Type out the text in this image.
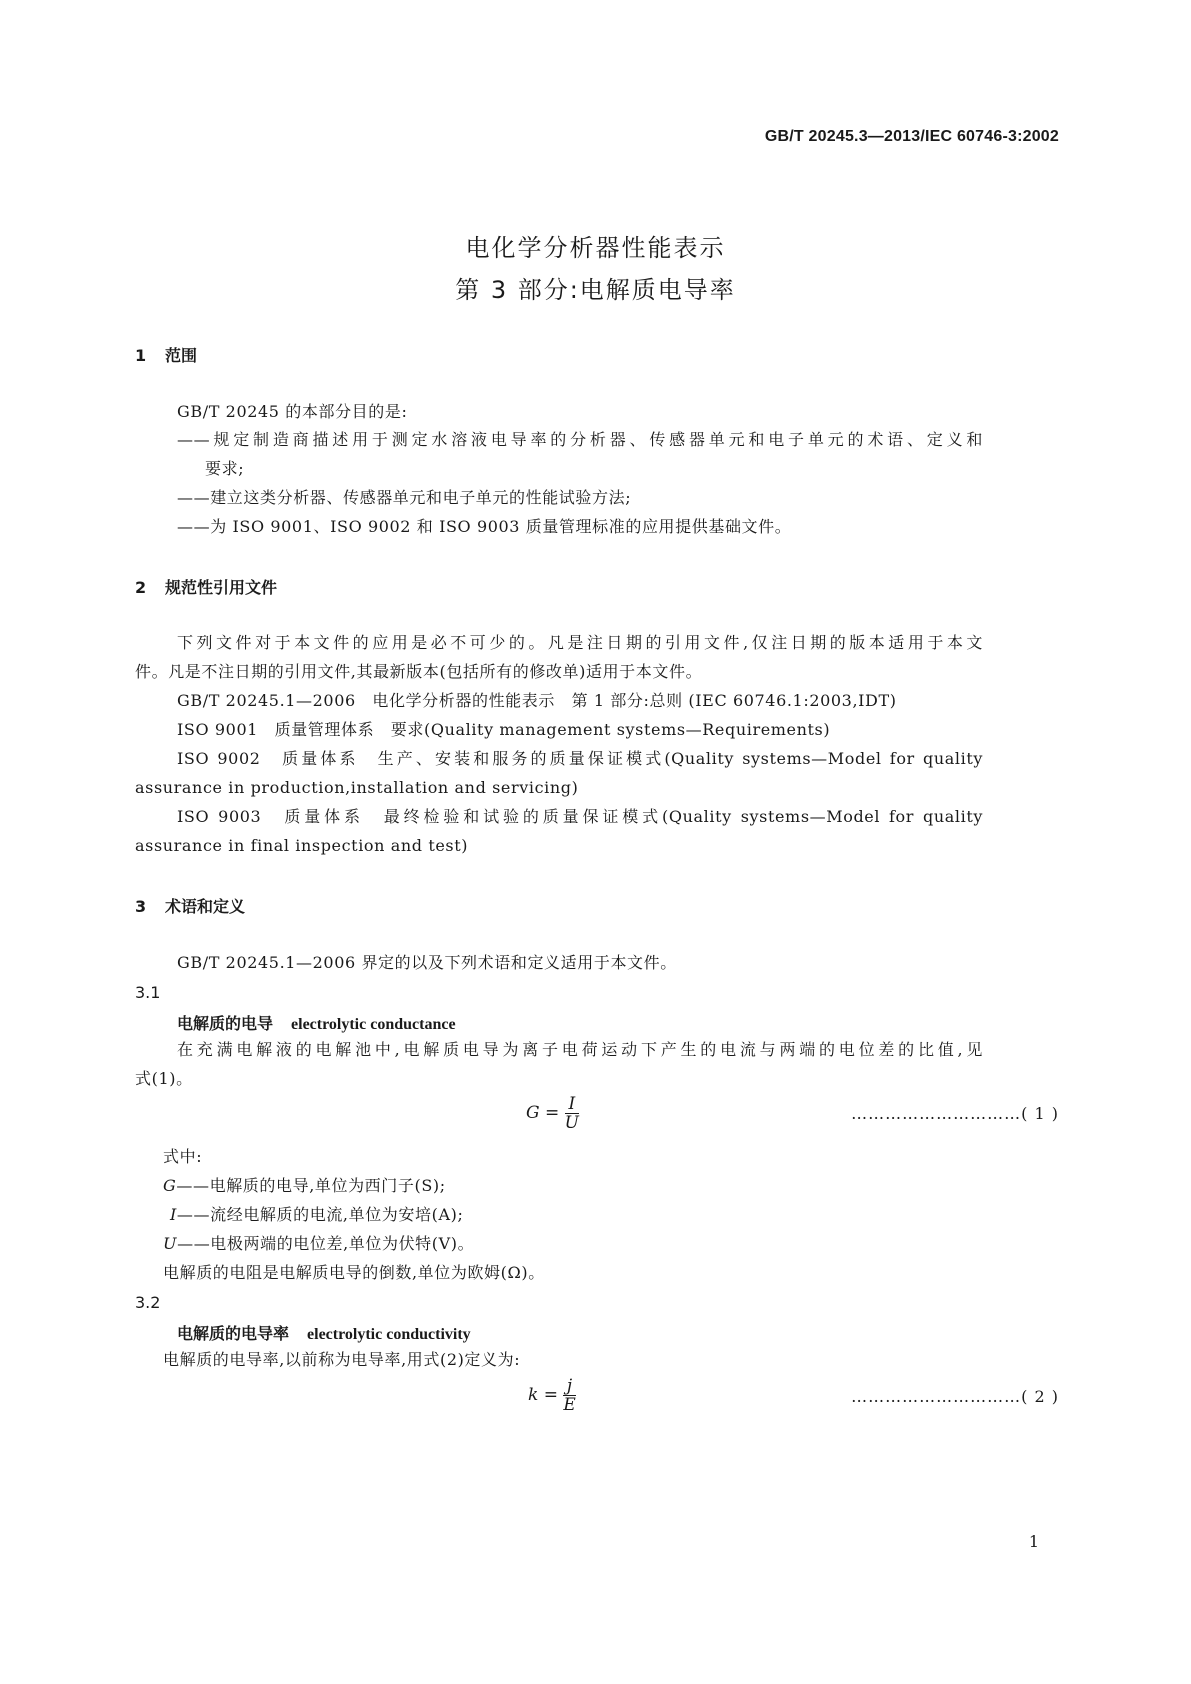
GB/T 20245.3—2013/IEC 60746-3:2002
电化学分析器性能表示
第 3 部分:电解质电导率
1 范围
GB/T 20245 的本部分目的是:
——规定制造商描述用于测定水溶液电导率的分析器、传感器单元和电子单元的术语、定义和
要求;
——建立这类分析器、传感器单元和电子单元的性能试验方法;
——为 ISO 9001、ISO 9002 和 ISO 9003 质量管理标准的应用提供基础文件。
2 规范性引用文件
下列文件对于本文件的应用是必不可少的。凡是注日期的引用文件,仅注日期的版本适用于本文
件。凡是不注日期的引用文件,其最新版本(包括所有的修改单)适用于本文件。
GB/T 20245.1—2006　电化学分析器的性能表示　第 1 部分:总则 (IEC 60746.1:2003,IDT)
ISO 9001　质量管理体系　要求(Quality management systems—Requirements)
ISO 9002　质量体系　生产、安装和服务的质量保证模式(Quality systems—Model for quality
assurance in production,installation and servicing)
ISO 9003　质量体系　最终检验和试验的质量保证模式(Quality systems—Model for quality
assurance in final inspection and test)
3 术语和定义
GB/T 20245.1—2006 界定的以及下列术语和定义适用于本文件。
3.1
电解质的电导 electrolytic conductance
在充满电解液的电解池中,电解质电导为离子电荷运动下产生的电流与两端的电位差的比值,见
式(1)。
$G = \frac{I}{U}$	…………………………( 1 )
式中:
G——电解质的电导,单位为西门子(S);
I——流经电解质的电流,单位为安培(A);
U——电极两端的电位差,单位为伏特(V)。
电解质的电阻是电解质电导的倒数,单位为欧姆(Ω)。
3.2
电解质的电导率 electrolytic conductivity
电解质的电导率,以前称为电导率,用式(2)定义为:
$k = \frac{j}{E}$	…………………………( 2 )
1
